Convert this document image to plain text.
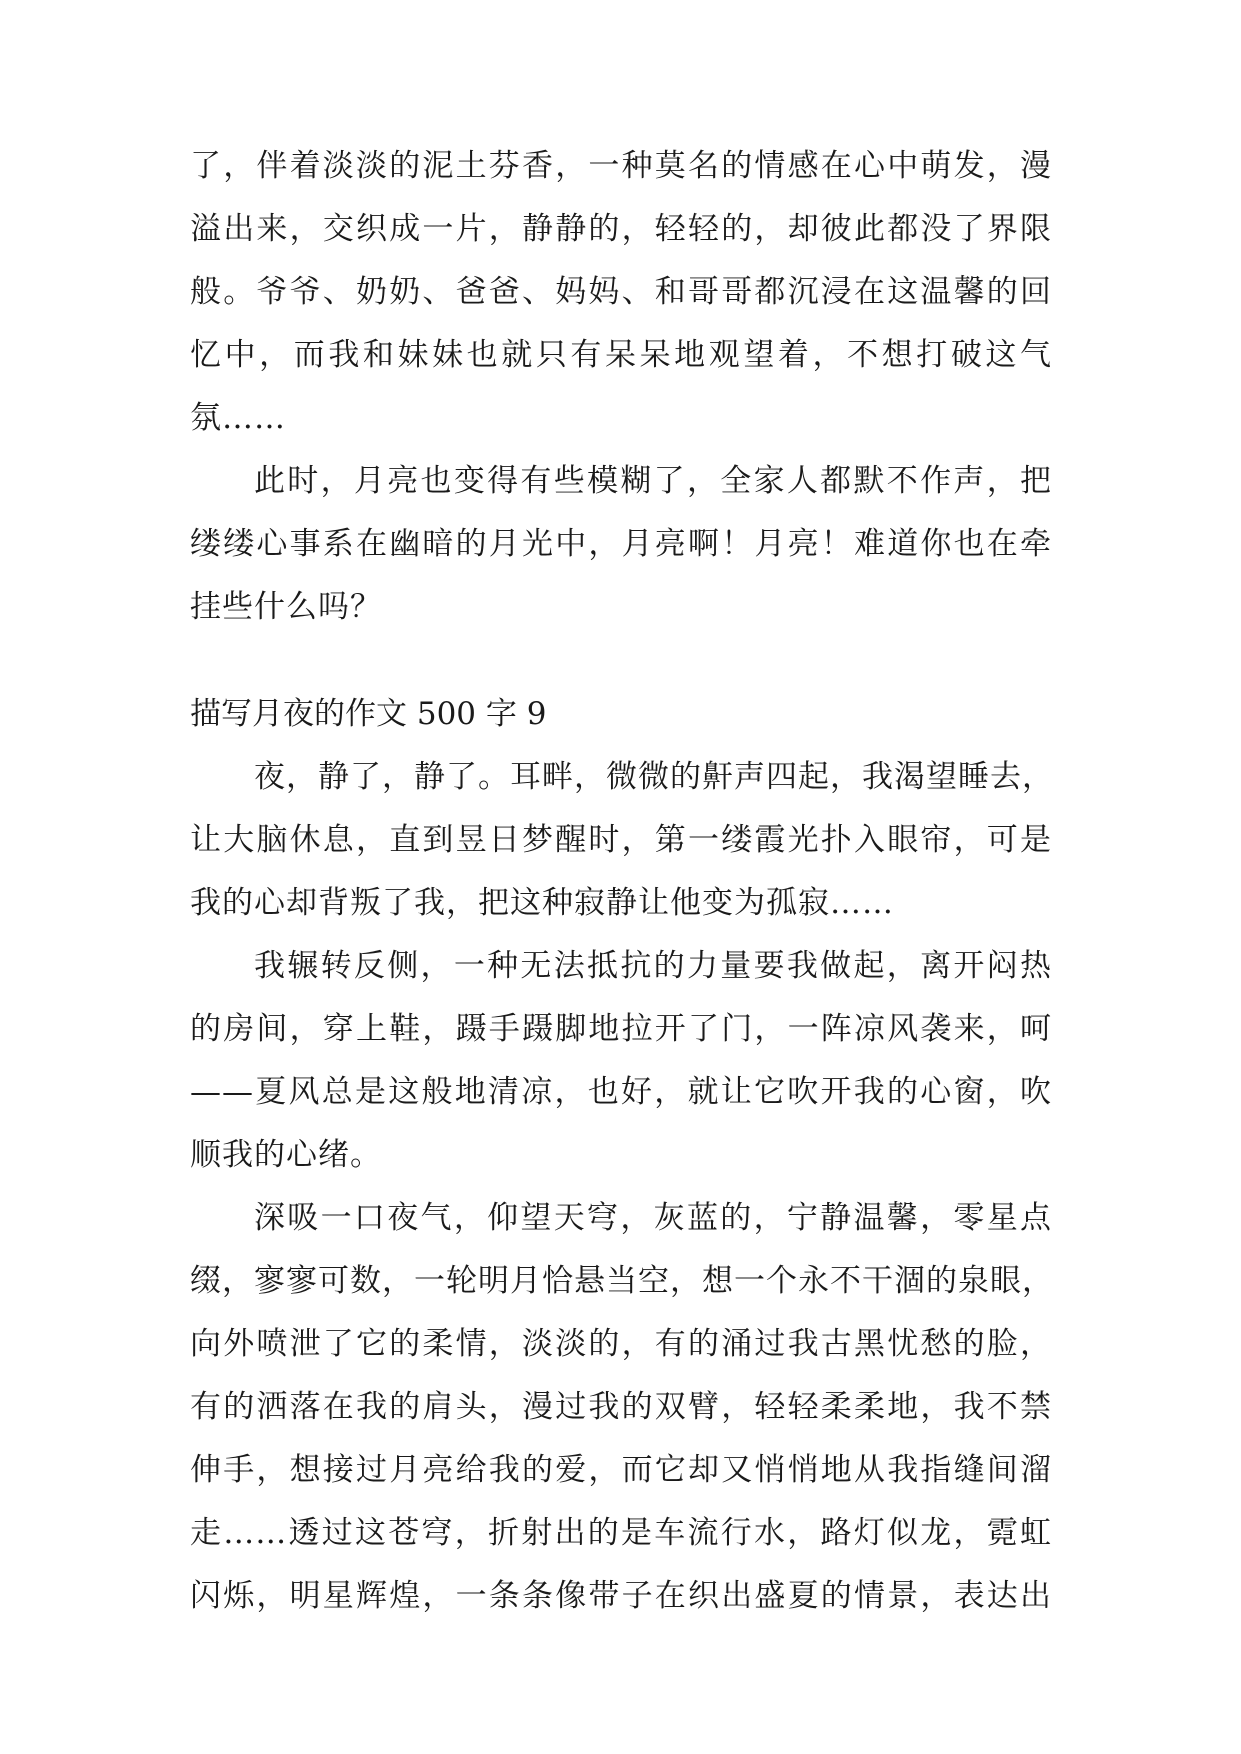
了，伴着淡淡的泥土芬香，一种莫名的情感在心中萌发，漫
溢出来，交织成一片，静静的，轻轻的，却彼此都没了界限
般。爷爷、奶奶、爸爸、妈妈、和哥哥都沉浸在这温馨的回
忆中，而我和妹妹也就只有呆呆地观望着，不想打破这气
氛……
此时，月亮也变得有些模糊了，全家人都默不作声，把
缕缕心事系在幽暗的月光中，月亮啊！月亮！难道你也在牵
挂些什么吗？
描写月夜的作文 500 字 9
夜，静了，静了。耳畔，微微的鼾声四起，我渴望睡去，
让大脑休息，直到昱日梦醒时，第一缕霞光扑入眼帘，可是
我的心却背叛了我，把这种寂静让他变为孤寂……
我辗转反侧，一种无法抵抗的力量要我做起，离开闷热
的房间，穿上鞋，蹑手蹑脚地拉开了门，一阵凉风袭来，呵
——夏风总是这般地清凉，也好，就让它吹开我的心窗，吹
顺我的心绪。
深吸一口夜气，仰望天穹，灰蓝的，宁静温馨，零星点
缀，寥寥可数，一轮明月恰悬当空，想一个永不干涸的泉眼，
向外喷泄了它的柔情，淡淡的，有的涌过我古黑忧愁的脸，
有的洒落在我的肩头，漫过我的双臂，轻轻柔柔地，我不禁
伸手，想接过月亮给我的爱，而它却又悄悄地从我指缝间溜
走……透过这苍穹，折射出的是车流行水，路灯似龙，霓虹
闪烁，明星辉煌，一条条像带子在织出盛夏的情景，表达出
